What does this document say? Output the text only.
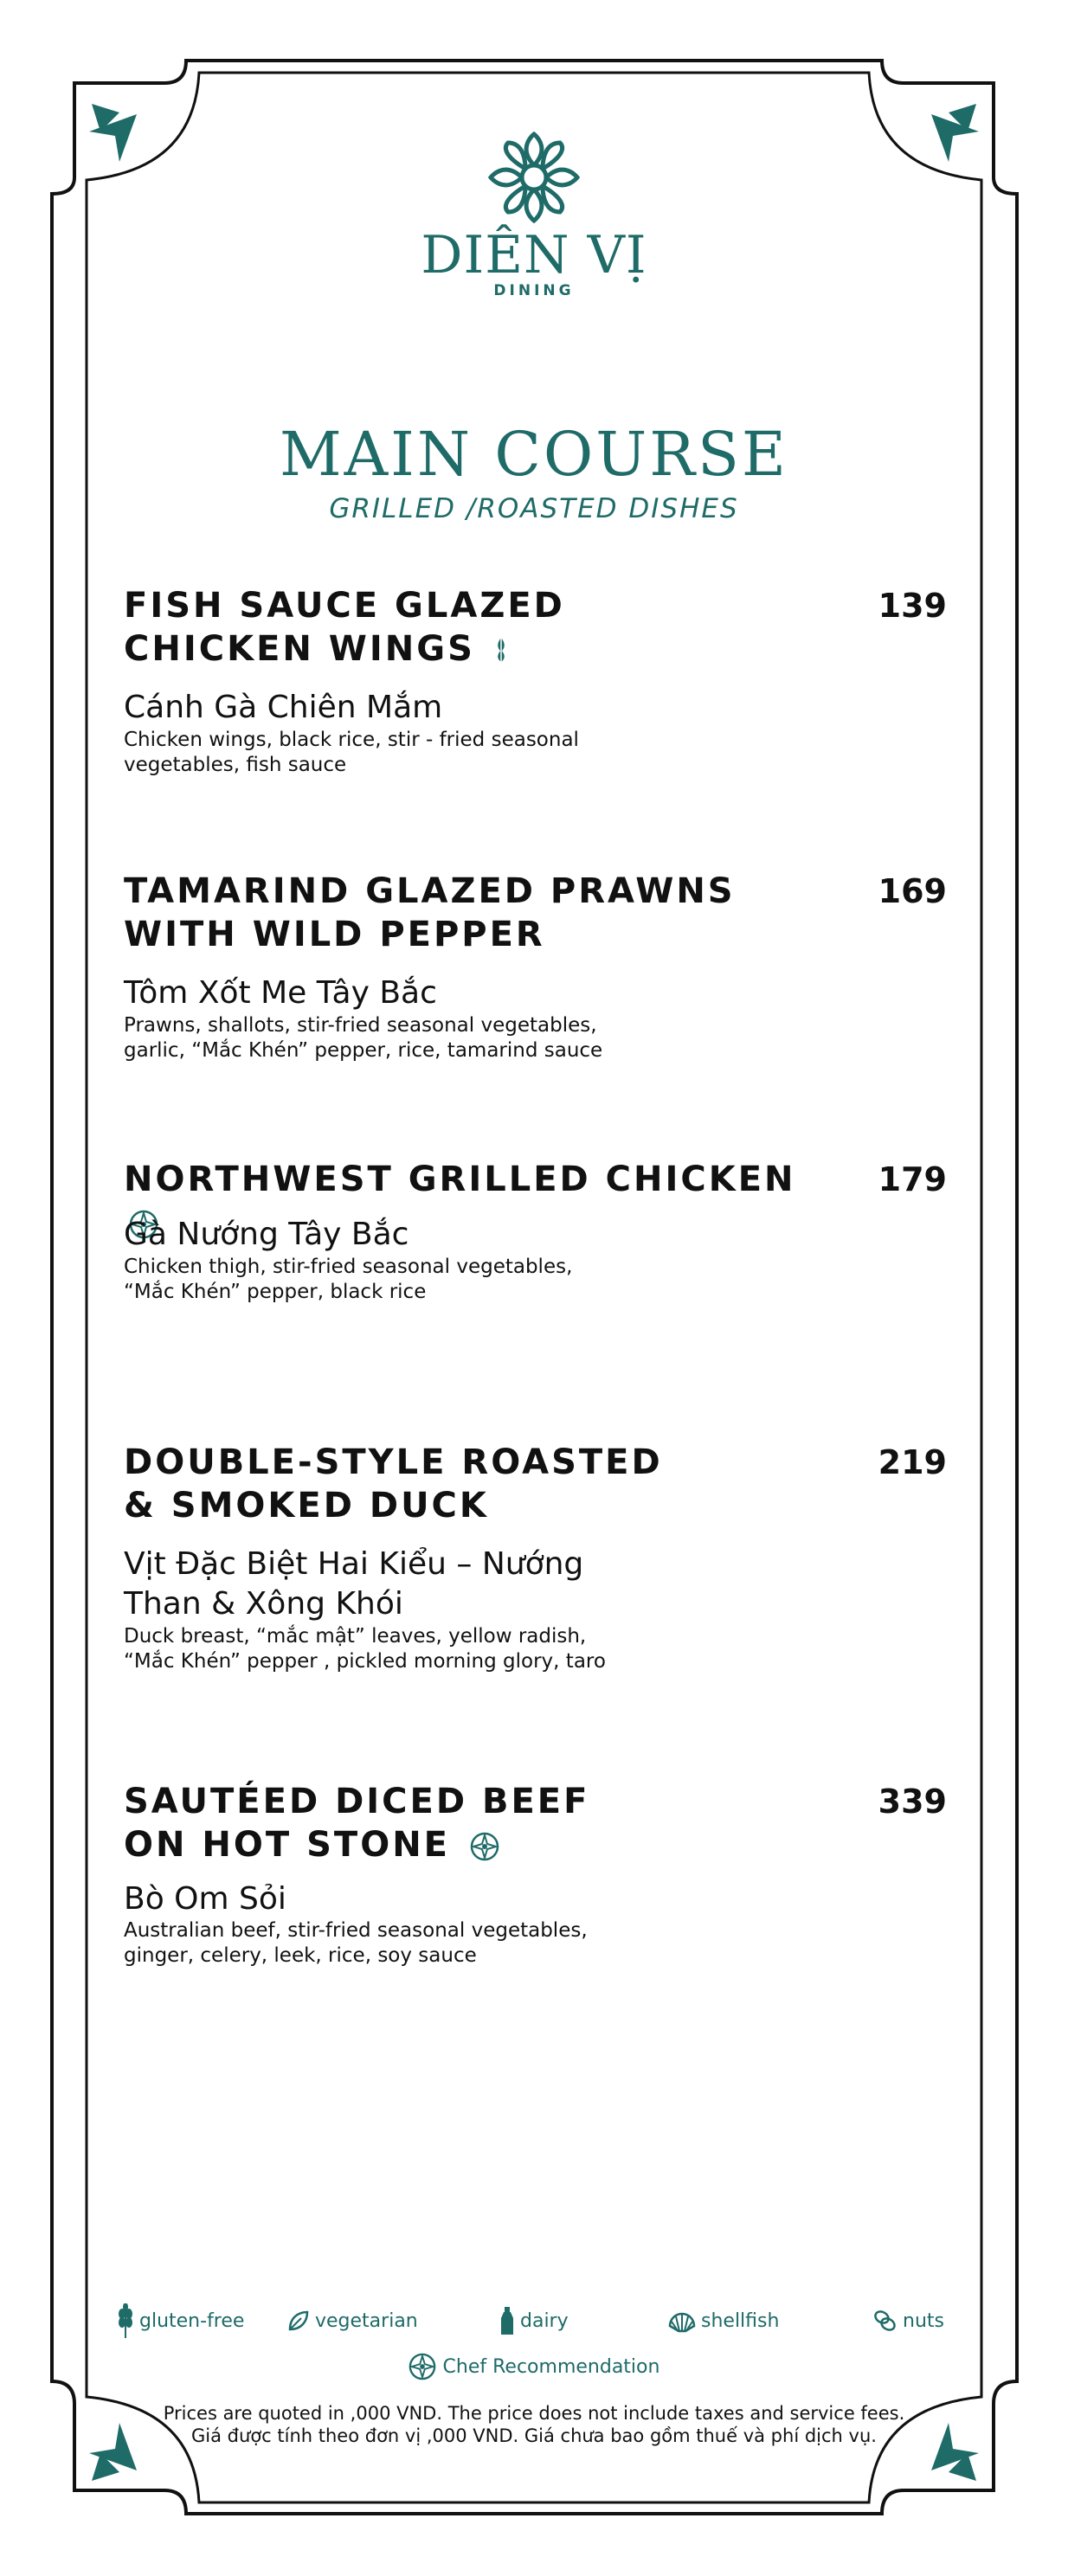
DIÊN VỊ
DINING
MAIN COURSE
GRILLED /ROASTED DISHES
FISH SAUCE GLAZED
CHICKEN WINGS
139
Cánh Gà Chiên Mắm
Chicken wings, black rice, stir - fried seasonal
vegetables, fish sauce
TAMARIND GLAZED PRAWNS
WITH WILD PEPPER
169
Tôm Xốt Me Tây Bắc
Prawns, shallots, stir-fried seasonal vegetables,
garlic, “Mắc Khén” pepper, rice, tamarind sauce
NORTHWEST GRILLED CHICKEN	179
Gà Nướng Tây Bắc
Chicken thigh, stir-fried seasonal vegetables,
“Mắc Khén” pepper, black rice
DOUBLE-STYLE ROASTED
& SMOKED DUCK
219
Vịt Đặc Biệt Hai Kiểu – Nướng
Than & Xông Khói
Duck breast, “mắc mật” leaves, yellow radish,
“Mắc Khén” pepper , pickled morning glory, taro
SAUTÉED DICED BEEF
ON HOT STONE
339
Bò Om Sỏi
Australian beef, stir-fried seasonal vegetables,
ginger, celery, leek, rice, soy sauce
gluten-free	vegetarian	dairy	shellfish	nuts
Chef Recommendation
Prices are quoted in ,000 VND. The price does not include taxes and service fees.
Giá được tính theo đơn vị ,000 VND. Giá chưa bao gồm thuế và phí dịch vụ.
